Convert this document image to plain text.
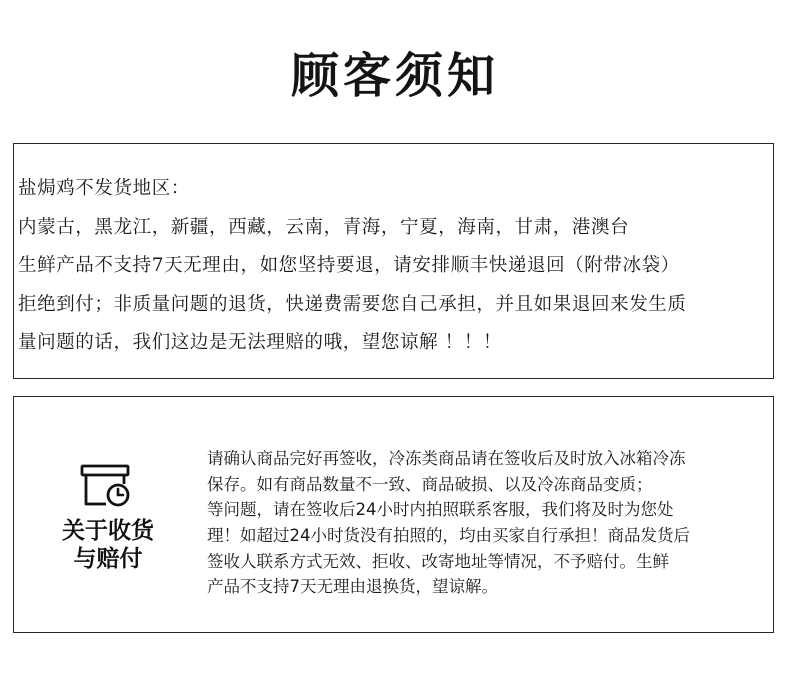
顾客须知
盐焗鸡不发货地区：
内蒙古，黑龙江，新疆，西藏，云南，青海，宁夏，海南，甘肃，港澳台
生鲜产品不支持7天无理由，如您坚持要退，请安排顺丰快递退回（附带冰袋）
拒绝到付；非质量问题的退货，快递费需要您自己承担，并且如果退回来发生质
量问题的话，我们这边是无法理赔的哦，望您谅解 ！！！
关于收货
与赔付
请确认商品完好再签收，冷冻类商品请在签收后及时放入冰箱冷冻
保存。如有商品数量不一致、商品破损、以及冷冻商品变质；
等问题，请在签收后24小时内拍照联系客服，我们将及时为您处
理！如超过24小时货没有拍照的，均由买家自行承担！商品发货后
签收人联系方式无效、拒收、改寄地址等情况，不予赔付。生鲜
产品不支持7天无理由退换货，望谅解。
